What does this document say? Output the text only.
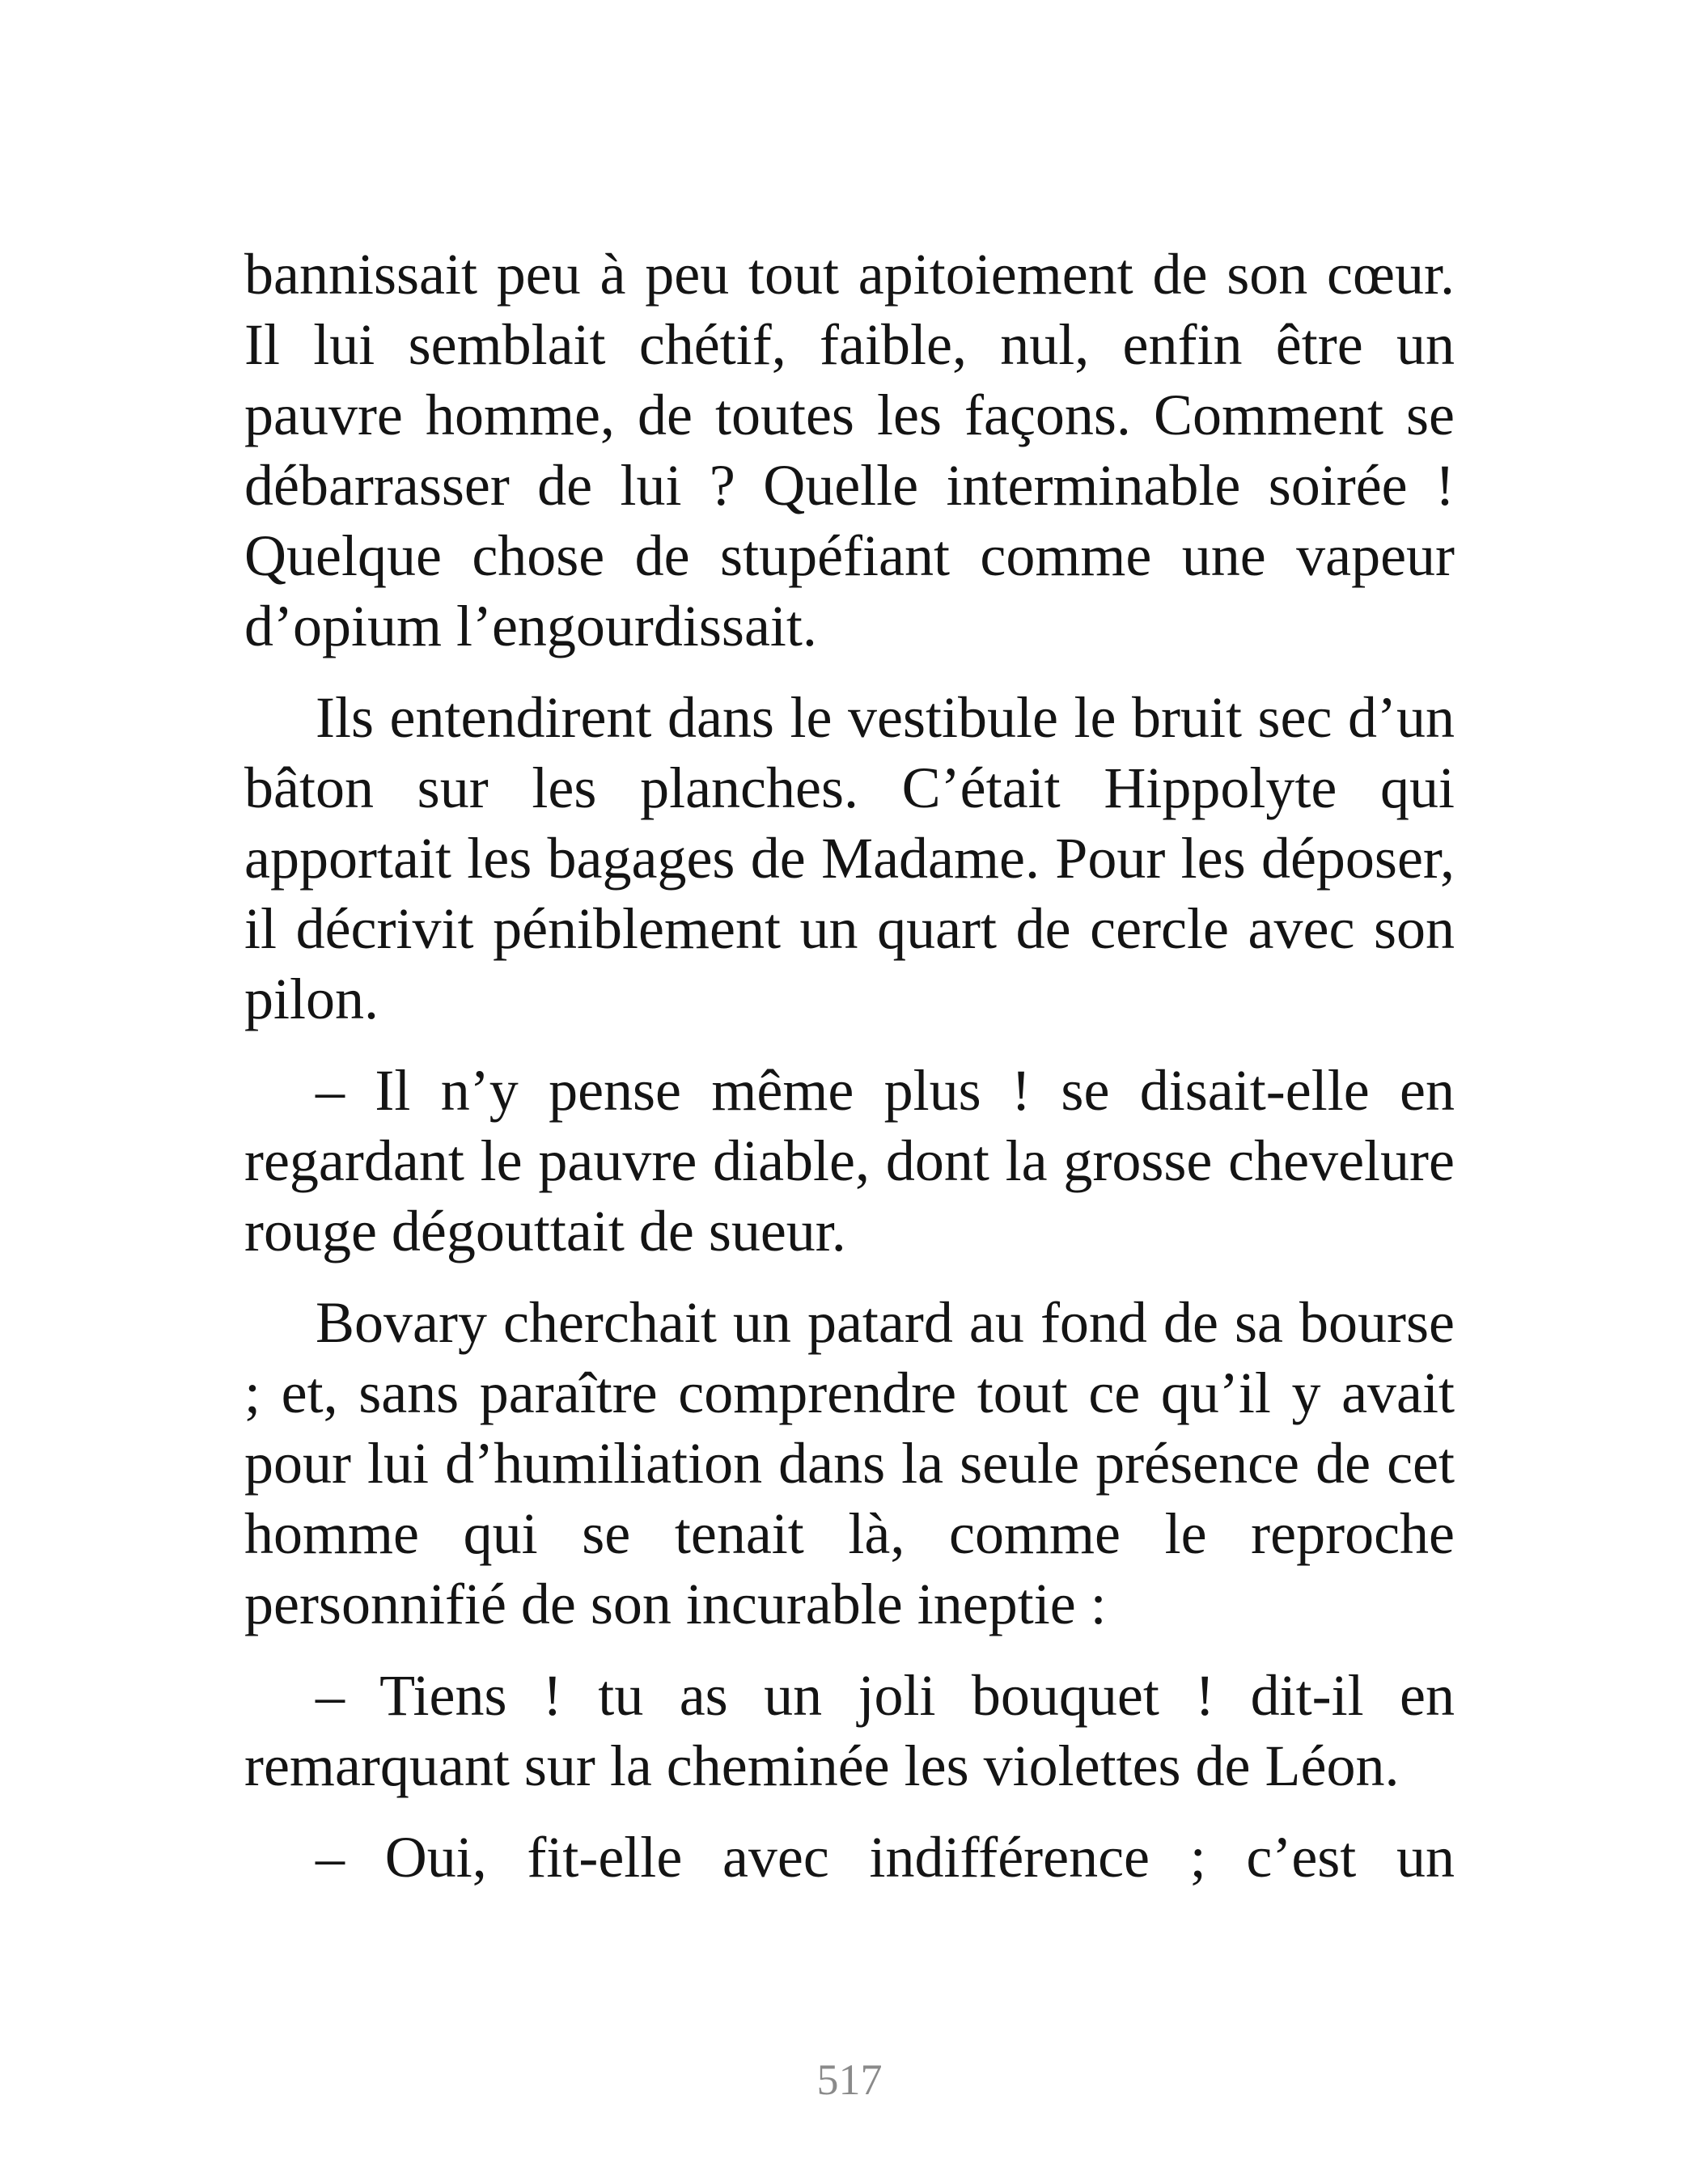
bannissait peu à peu tout apitoiement de son cœur. Il lui semblait chétif, faible, nul, enfin être un pauvre homme, de toutes les façons. Comment se débarrasser de lui ? Quelle interminable soirée ! Quelque chose de stupéfiant comme une vapeur d’opium l’engourdissait.

Ils entendirent dans le vestibule le bruit sec d’un bâton sur les planches. C’était Hippolyte qui apportait les bagages de Madame. Pour les déposer, il décrivit péniblement un quart de cercle avec son pilon.

– Il n’y pense même plus ! se disait-elle en regardant le pauvre diable, dont la grosse chevelure rouge dégouttait de sueur.

Bovary cherchait un patard au fond de sa bourse ; et, sans paraître comprendre tout ce qu’il y avait pour lui d’humiliation dans la seule présence de cet homme qui se tenait là, comme le reproche personnifié de son incurable ineptie :

– Tiens ! tu as un joli bouquet ! dit-il en remarquant sur la cheminée les violettes de Léon.

– Oui, fit-elle avec indifférence ; c’est un

517
